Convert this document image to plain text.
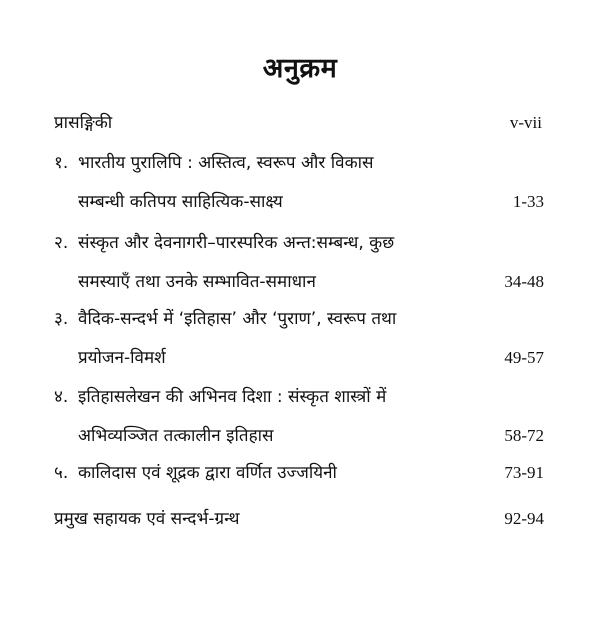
अनुक्रम
प्रासङ्गिकी	v-vii
१. भारतीय पुरालिपि : अस्तित्व, स्वरूप और विकास
सम्बन्धी कतिपय साहित्यिक-साक्ष्य	1-33
२. संस्कृत और देवनागरी–पारस्परिक अन्त:सम्बन्ध, कुछ
समस्याएँ तथा उनके सम्भावित-समाधान	34-48
३. वैदिक-सन्दर्भ में ‘इतिहास’ और ‘पुराण’, स्वरूप तथा
प्रयोजन-विमर्श	49-57
४. इतिहासलेखन की अभिनव दिशा : संस्कृत शास्त्रों में
अभिव्यञ्जित तत्कालीन इतिहास	58-72
५. कालिदास एवं शूद्रक द्वारा वर्णित उज्जयिनी	73-91
प्रमुख सहायक एवं सन्दर्भ-ग्रन्थ	92-94
